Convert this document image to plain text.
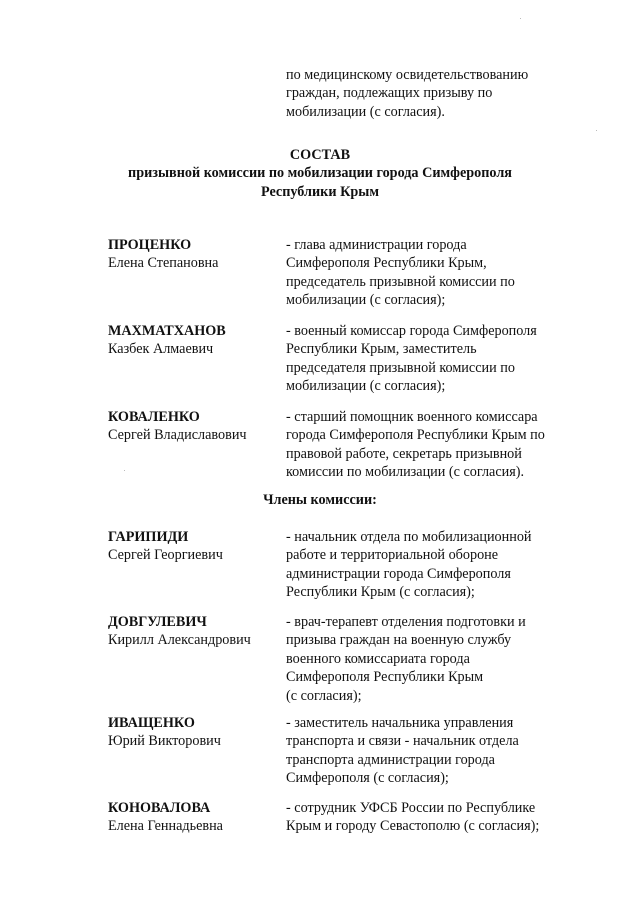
по медицинскому освидетельствованию
граждан, подлежащих призыву по
мобилизации (с согласия).
СОСТАВ
призывной комиссии по мобилизации города Симферополя
Республики Крым
ПРОЦЕНКО
Елена Степановна
- глава администрации города
Симферополя Республики Крым,
председатель призывной комиссии по
мобилизации (с согласия);
МАХМАТХАНОВ
Казбек Алмаевич
- военный комиссар города Симферополя
Республики Крым, заместитель
председателя призывной комиссии по
мобилизации (с согласия);
КОВАЛЕНКО
Сергей Владиславович
- старший помощник военного комиссара
города Симферополя Республики Крым по
правовой работе, секретарь призывной
комиссии по мобилизации (с согласия).
Члены комиссии:
ГАРИПИДИ
Сергей Георгиевич
- начальник отдела по мобилизационной
работе и территориальной обороне
администрации города Симферополя
Республики Крым (с согласия);
ДОВГУЛЕВИЧ
Кирилл Александрович
- врач-терапевт отделения подготовки и
призыва граждан на военную службу
военного комиссариата города
Симферополя Республики Крым
(с согласия);
ИВАЩЕНКО
Юрий Викторович
- заместитель начальника управления
транспорта и связи - начальник отдела
транспорта администрации города
Симферополя (с согласия);
КОНОВАЛОВА
Елена Геннадьевна
- сотрудник УФСБ России по Республике
Крым и городу Севастополю (с согласия);
